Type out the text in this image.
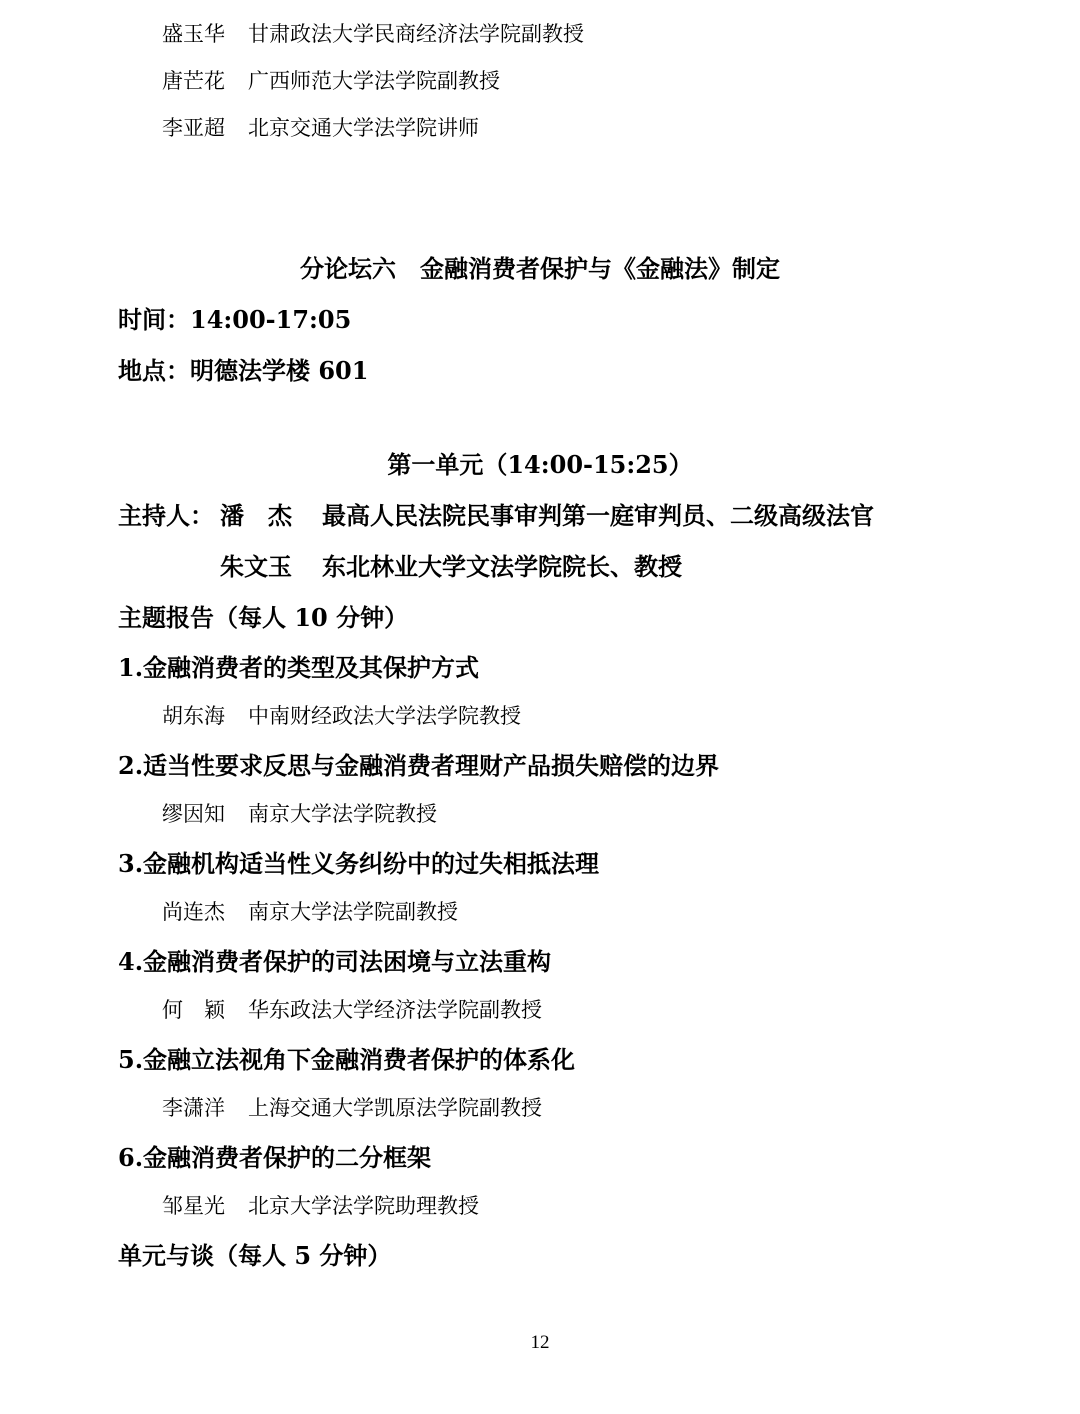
盛玉华 甘肃政法大学民商经济法学院副教授
唐芒花 广西师范大学法学院副教授
李亚超 北京交通大学法学院讲师
分论坛六　金融消费者保护与《金融法》制定
时间：14:00-17:05
地点：明德法学楼 601
第一单元（14:00-15:25）
主持人： 潘　杰 最高人民法院民事审判第一庭审判员、二级高级法官
朱文玉 东北林业大学文法学院院长、教授
主题报告（每人 10 分钟）
1.金融消费者的类型及其保护方式
胡东海 中南财经政法大学法学院教授
2.适当性要求反思与金融消费者理财产品损失赔偿的边界
缪因知 南京大学法学院教授
3.金融机构适当性义务纠纷中的过失相抵法理
尚连杰 南京大学法学院副教授
4.金融消费者保护的司法困境与立法重构
何　颖 华东政法大学经济法学院副教授
5.金融立法视角下金融消费者保护的体系化
李潇洋 上海交通大学凯原法学院副教授
6.金融消费者保护的二分框架
邹星光 北京大学法学院助理教授
单元与谈（每人 5 分钟）
12
